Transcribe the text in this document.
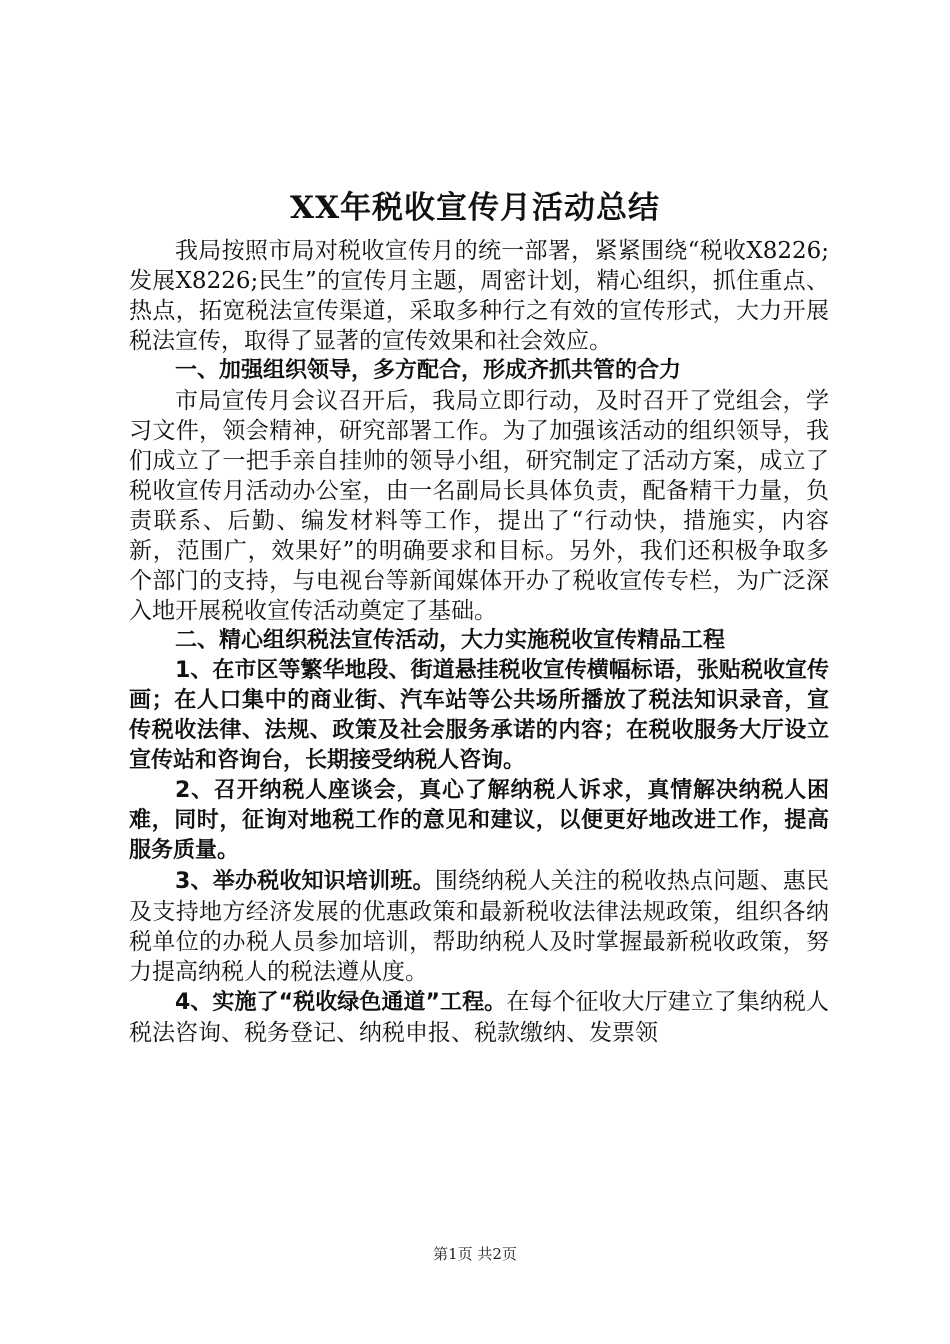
XX年税收宣传月活动总结

我局按照市局对税收宣传月的统一部署，紧紧围绕“税收X8226;发展X8226;民生”的宣传月主题，周密计划，精心组织，抓住重点、热点，拓宽税法宣传渠道，采取多种行之有效的宣传形式，大力开展税法宣传，取得了显著的宣传效果和社会效应。

一、加强组织领导，多方配合，形成齐抓共管的合力

市局宣传月会议召开后，我局立即行动，及时召开了党组会，学习文件，领会精神，研究部署工作。为了加强该活动的组织领导，我们成立了一把手亲自挂帅的领导小组，研究制定了活动方案，成立了税收宣传月活动办公室，由一名副局长具体负责，配备精干力量，负责联系、后勤、编发材料等工作，提出了“行动快，措施实，内容新，范围广，效果好”的明确要求和目标。另外，我们还积极争取多个部门的支持，与电视台等新闻媒体开办了税收宣传专栏，为广泛深入地开展税收宣传活动奠定了基础。

二、精心组织税法宣传活动，大力实施税收宣传精品工程

1、在市区等繁华地段、街道悬挂税收宣传横幅标语，张贴税收宣传画；在人口集中的商业街、汽车站等公共场所播放了税法知识录音，宣传税收法律、法规、政策及社会服务承诺的内容；在税收服务大厅设立宣传站和咨询台，长期接受纳税人咨询。

2、召开纳税人座谈会，真心了解纳税人诉求，真情解决纳税人困难，同时，征询对地税工作的意见和建议，以便更好地改进工作，提高服务质量。

3、举办税收知识培训班。围绕纳税人关注的税收热点问题、惠民及支持地方经济发展的优惠政策和最新税收法律法规政策，组织各纳税单位的办税人员参加培训，帮助纳税人及时掌握最新税收政策，努力提高纳税人的税法遵从度。

4、实施了“税收绿色通道”工程。在每个征收大厅建立了集纳税人税法咨询、税务登记、纳税申报、税款缴纳、发票领

第1页 共2页
